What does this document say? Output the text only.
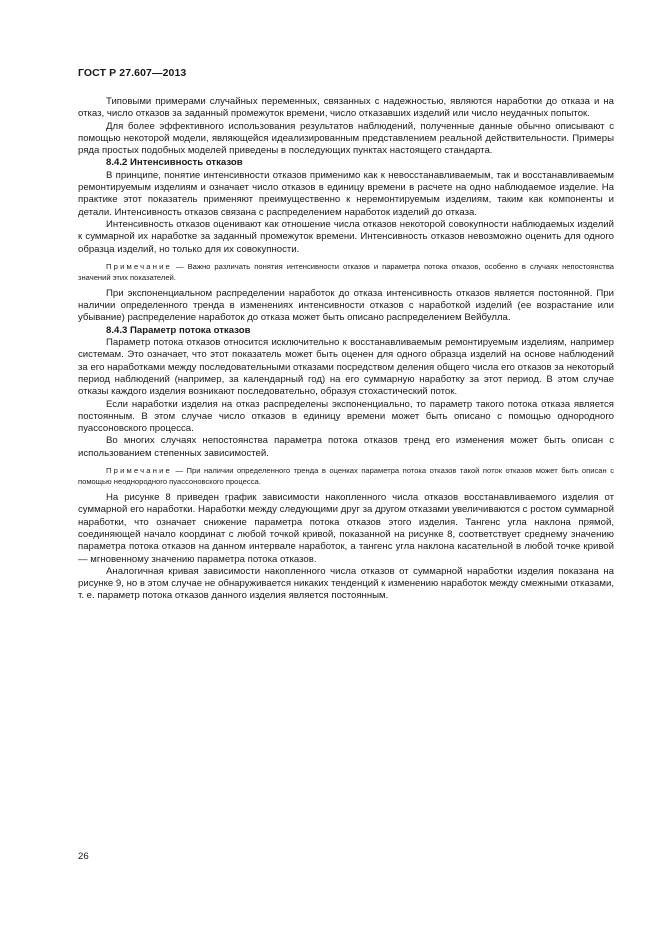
ГОСТ Р 27.607—2013

Типовыми примерами случайных переменных, связанных с надежностью, являются наработки до отказа и на отказ, число отказов за заданный промежуток времени, число отказавших изделий или число неудачных попыток.

Для более эффективного использования результатов наблюдений, полученные данные обычно описывают с помощью некоторой модели, являющейся идеализированным представлением реальной действительности. Примеры ряда простых подобных моделей приведены в последующих пунктах настоящего стандарта.

8.4.2 Интенсивность отказов

В принципе, понятие интенсивности отказов применимо как к невосстанавливаемым, так и восстанавливаемым ремонтируемым изделиям и означает число отказов в единицу времени в расчете на одно наблюдаемое изделие. На практике этот показатель применяют преимущественно к неремонтируемым изделиям, таким как компоненты и детали. Интенсивность отказов связана с распределением наработок изделий до отказа.

Интенсивность отказов оценивают как отношение числа отказов некоторой совокупности наблюдаемых изделий к суммарной их наработке за заданный промежуток времени. Интенсивность отказов невозможно оценить для одного образца изделий, но только для их совокупности.

Примечание — Важно различать понятия интенсивности отказов и параметра потока отказов, особенно в случаях непостоянства значений этих показателей.

При экспоненциальном распределении наработок до отказа интенсивность отказов является постоянной. При наличии определенного тренда в изменениях интенсивности отказов с наработкой изделий (ее возрастание или убывание) распределение наработок до отказа может быть описано распределением Вейбулла.

8.4.3 Параметр потока отказов

Параметр потока отказов относится исключительно к восстанавливаемым ремонтируемым изделиям, например системам. Это означает, что этот показатель может быть оценен для одного образца изделий на основе наблюдений за его наработками между последовательными отказами посредством деления общего числа его отказов за некоторый период наблюдений (например, за календарный год) на его суммарную наработку за этот период. В этом случае отказы каждого изделия возникают последовательно, образуя стохастический поток.

Если наработки изделия на отказ распределены экспоненциально, то параметр такого потока отказа является постоянным. В этом случае число отказов в единицу времени может быть описано с помощью однородного пуассоновского процесса.

Во многих случаях непостоянства параметра потока отказов тренд его изменения может быть описан с использованием степенных зависимостей.

Примечание — При наличии определенного тренда в оценках параметра потока отказов такой поток отказов может быть описан с помощью неоднородного пуассоновского процесса.

На рисунке 8 приведен график зависимости накопленного числа отказов восстанавливаемого изделия от суммарной его наработки. Наработки между следующими друг за другом отказами увеличиваются с ростом суммарной наработки, что означает снижение параметра потока отказов этого изделия. Тангенс угла наклона прямой, соединяющей начало координат с любой точкой кривой, показанной на рисунке 8, соответствует среднему значению параметра потока отказов на данном интервале наработок, а тангенс угла наклона касательной в любой точке кривой — мгновенному значению параметра потока отказов.

Аналогичная кривая зависимости накопленного числа отказов от суммарной наработки изделия показана на рисунке 9, но в этом случае не обнаруживается никаких тенденций к изменению наработок между смежными отказами, т. е. параметр потока отказов данного изделия является постоянным.

26
